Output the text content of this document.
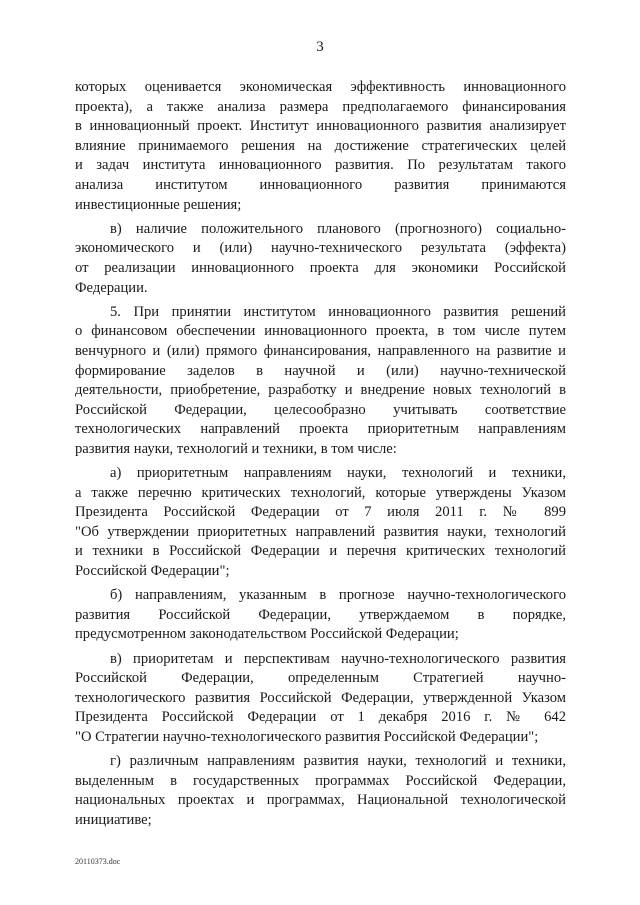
3
которых оценивается экономическая эффективность инновационного
проекта), а также анализа размера предполагаемого финансирования
в инновационный проект. Институт инновационного развития анализирует
влияние принимаемого решения на достижение стратегических целей
и задач института инновационного развития. По результатам такого
анализа институтом инновационного развития принимаются
инвестиционные решения;
в) наличие положительного планового (прогнозного) социально-
экономического и (или) научно-технического результата (эффекта)
от реализации инновационного проекта для экономики Российской
Федерации.
5. При принятии институтом инновационного развития решений
о финансовом обеспечении инновационного проекта, в том числе путем
венчурного и (или) прямого финансирования, направленного на развитие и
формирование заделов в научной и (или) научно-технической
деятельности, приобретение, разработку и внедрение новых технологий в
Российской Федерации, целесообразно учитывать соответствие
технологических направлений проекта приоритетным направлениям
развития науки, технологий и техники, в том числе:
а) приоритетным направлениям науки, технологий и техники,
а также перечню критических технологий, которые утверждены Указом
Президента Российской Федерации от 7 июля 2011 г. № 899
"Об утверждении приоритетных направлений развития науки, технологий
и техники в Российской Федерации и перечня критических технологий
Российской Федерации";
б) направлениям, указанным в прогнозе научно-технологического
развития Российской Федерации, утверждаемом в порядке,
предусмотренном законодательством Российской Федерации;
в) приоритетам и перспективам научно-технологического развития
Российской Федерации, определенным Стратегией научно-
технологического развития Российской Федерации, утвержденной Указом
Президента Российской Федерации от 1 декабря 2016 г. № 642
"О Стратегии научно-технологического развития Российской Федерации";
г) различным направлениям развития науки, технологий и техники,
выделенным в государственных программах Российской Федерации,
национальных проектах и программах, Национальной технологической
инициативе;
20110373.doc
